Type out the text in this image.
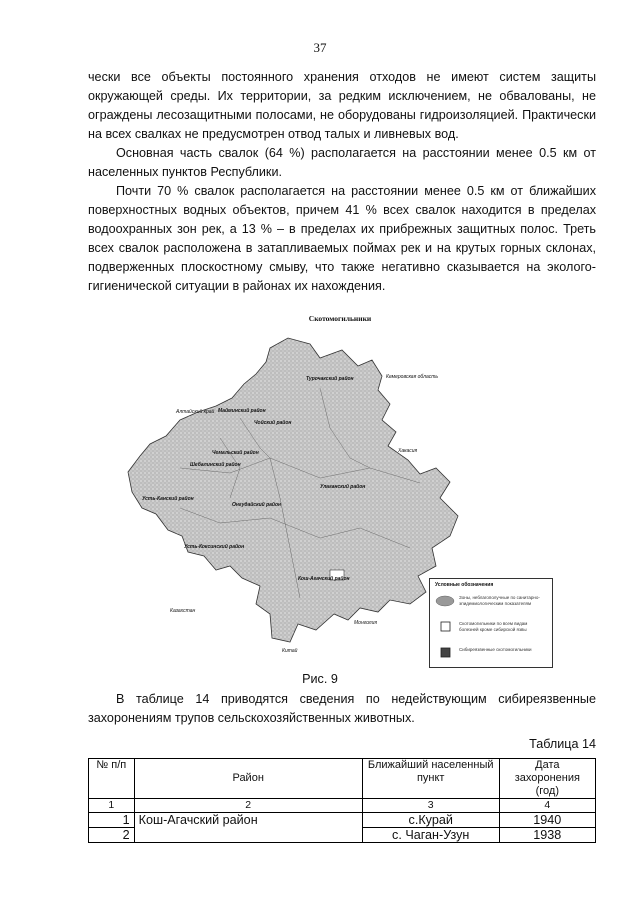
37

чески все объекты постоянного хранения отходов не имеют систем защиты окружающей среды. Их территории, за редким исключением, не обвалованы, не ограждены лесозащитными полосами, не оборудованы гидроизоляцией. Практически на всех свалках не предусмотрен отвод талых и ливневых вод.

Основная часть свалок (64 %) располагается на расстоянии менее 0.5 км от населенных пунктов Республики.

Почти 70 % свалок располагается на расстоянии менее 0.5 км от ближайших поверхностных водных объектов, причем 41 % всех свалок находится в пределах водоохранных зон рек, а 13 % – в пределах их прибрежных защитных полос. Треть всех свалок расположена в затапливаемых поймах рек и на крутых горных склонах, подверженных плоскостному смыву, что также негативно сказывается на эколого-гигиенической ситуации в районах их нахождения.

Турочакский район	Кемеровская область
Алтайский край Майминский район
Чойский район
Чемальский район
Шебалинский район
Хакасия
Усть-Канский район
Улаганский район
Онгудайский район
Усть-Коксинский район
Кош-Агачский район
Казахстан
Монголия
Китай
Скотомогильники
Условные обозначения
Зоны, неблагополучные по санитарно-эпидемиологическим показателям
Скотомогильники по всем видам болезней кроме сибирской язвы
Сибиреязвенные скотомогильники
Рис. 9

В таблице 14 приводятся сведения по недействующим сибиреязвенные захоронениям трупов сельскохозяйственных животных.

Таблица 14
№ п/п	Район	Ближайший населенный пункт	Дата захоронения (год)
1	2	3	4
1	Кош-Агачский район	с.Курай	1940
2		с. Чаган-Узун	1938
